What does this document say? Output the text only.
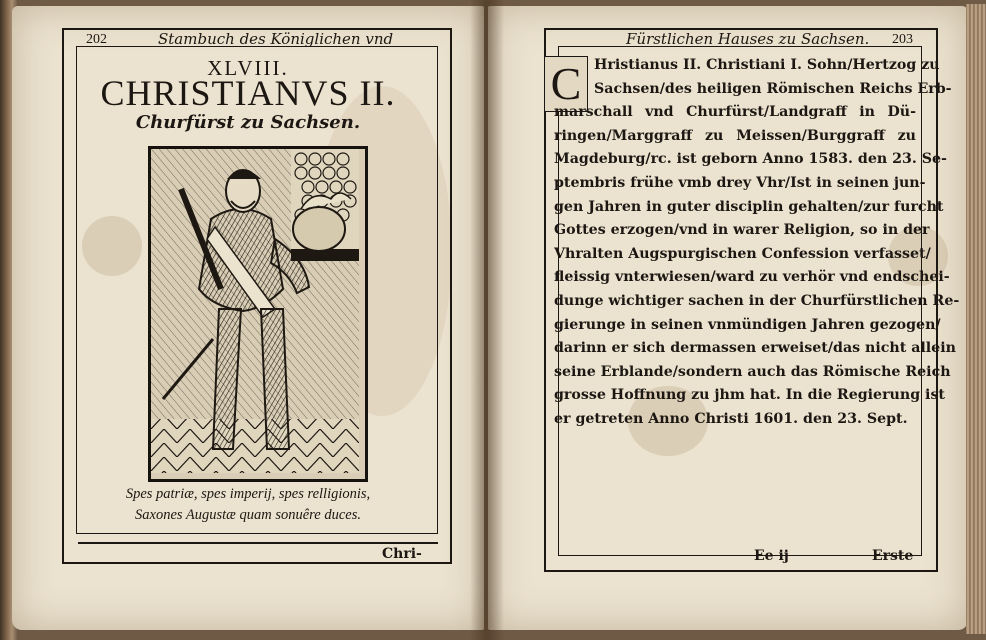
202	Stambuch des Königlichen vnd
XLVIII.
CHRISTIANVS II.
Churfürst zu Sachsen.
Spes patriæ, spes imperij, spes relligionis,
Saxones Augustæ quam sonuêre duces.
Chri-
Fürstlichen Hauses zu Sachsen. 203
C Hristianus II. Christiani I. Sohn/Hertzog zu
Sachsen/des heiligen Römischen Reichs Erb-
marschall vnd Churfürst/Landgraff in Dü-
ringen/Marggraff zu Meissen/Burggraff zu
Magdeburg/rc. ist geborn Anno 1583. den 23. Se-
ptembris frühe vmb drey Vhr/Ist in seinen jun-
gen Jahren in guter disciplin gehalten/zur furcht
Gottes erzogen/vnd in warer Religion, so in der
Vhralten Augspurgischen Confession verfasset/
fleissig vnterwiesen/ward zu verhör vnd endschei-
dunge wichtiger sachen in der Churfürstlichen Re-
gierunge in seinen vnmündigen Jahren gezogen/
darinn er sich dermassen erweiset/das nicht allein
seine Erblande/sondern auch das Römische Reich
grosse Hoffnung zu jhm hat. In die Regierung ist
er getreten Anno Christi 1601. den 23. Sept.
Ee ij	Erste
